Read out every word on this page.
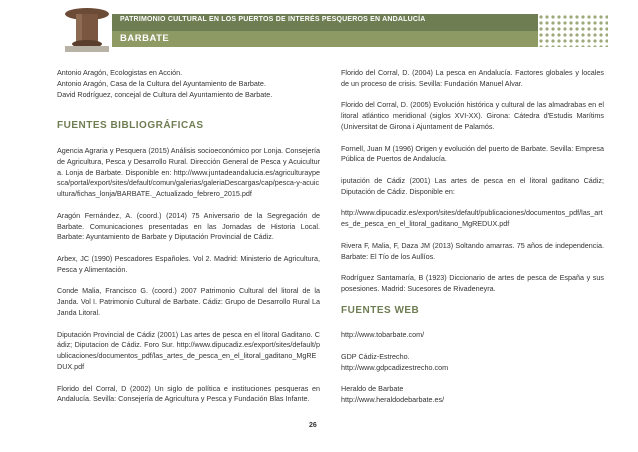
PATRIMONIO CULTURAL EN LOS PUERTOS DE INTERÉS PESQUEROS EN ANDALUCÍA
BARBATE

Antonio Aragón, Ecologistas en Acción.

Antonio Aragón, Casa de la Cultura del Ayuntamiento de Barbate.

David Rodríguez, concejal de Cultura del Ayuntamiento de Barbate.

FUENTES BIBLIOGRÁFICAS

Agencia Agraria y Pesquera (2015) Análisis socioeconómico por Lonja. Consejería de Agricultura, Pesca y Desarrollo Rural. Dirección General de Pesca y Acuicultura. Lonja de Barbate. Disponible en: http://www.juntadeandalucia.es/agriculturaypesca/portal/export/sites/default/comun/galerias/galeriaDescargas/cap/pesca-y-acuicultura/fichas_lonja/BARBATE._Actualizado_febrero_2015.pdf

Aragón Fernández, A. (coord.) (2014) 75 Aniversario de la Segregación de Barbate. Comunicaciones presentadas en las Jornadas de Historia Local. Barbate: Ayuntamiento de Barbate y Diputación Provincial de Cádiz.

Arbex, JC (1990) Pescadores Españoles. Vol 2. Madrid: Ministerio de Agricultura, Pesca y Alimentación.

Conde Malia, Francisco G. (coord.) 2007 Patrimonio Cultural del litoral de la Janda. Vol I. Patrimonio Cultural de Barbate. Cádiz: Grupo de Desarrollo Rural La Janda Litoral.

Diputación Provincial de Cádiz (2001) Las artes de pesca en el litoral Gaditano. Cádiz; Diputacion de Cádiz. Foro Sur. http://www.dipucadiz.es/export/sites/default/publicaciones/documentos_pdf/las_artes_de_pesca_en_el_litoral_gaditano_MgREDUX.pdf

Florido del Corral, D (2002) Un siglo de política e instituciones pesqueras en Andalucía. Sevilla: Consejería de Agricultura y Pesca y Fundación Blas Infante.

Florido del Corral, D. (2004) La pesca en Andalucía. Factores globales y locales de un proceso de crisis. Sevilla: Fundación Manuel Alvar.

Florido del Corral, D. (2005) Evolución histórica y cultural de las almadrabas en el litoral atlántico meridional (siglos XVI-XX). Girona: Cátedra d'Estudis Marítims (Universitat de Girona i Ajuntament de Palamós.

Fornell, Juan M (1996) Origen y evolución del puerto de Barbate. Sevilla: Empresa Pública de Puertos de Andalucía.

iputación de Cádiz (2001) Las artes de pesca en el litoral gaditano Cádiz; Diputación de Cádiz. Disponible en:

http://www.dipucadiz.es/export/sites/default/publicaciones/documentos_pdf/las_artes_de_pesca_en_el_litoral_gaditano_MgREDUX.pdf

Rivera F, Malia, F, Daza JM (2013) Soltando amarras. 75 años de independencia. Barbate: El Tío de los Aullíos.

Rodríguez Santamaría, B (1923) Diccionario de artes de pesca de España y sus posesiones. Madrid: Sucesores de Rivadeneyra.

FUENTES WEB

http://www.tobarbate.com/

GDP Cádiz-Estrecho.

http://www.gdpcadizestrecho.com

Heraldo de Barbate

http://www.heraldodebarbate.es/

26
